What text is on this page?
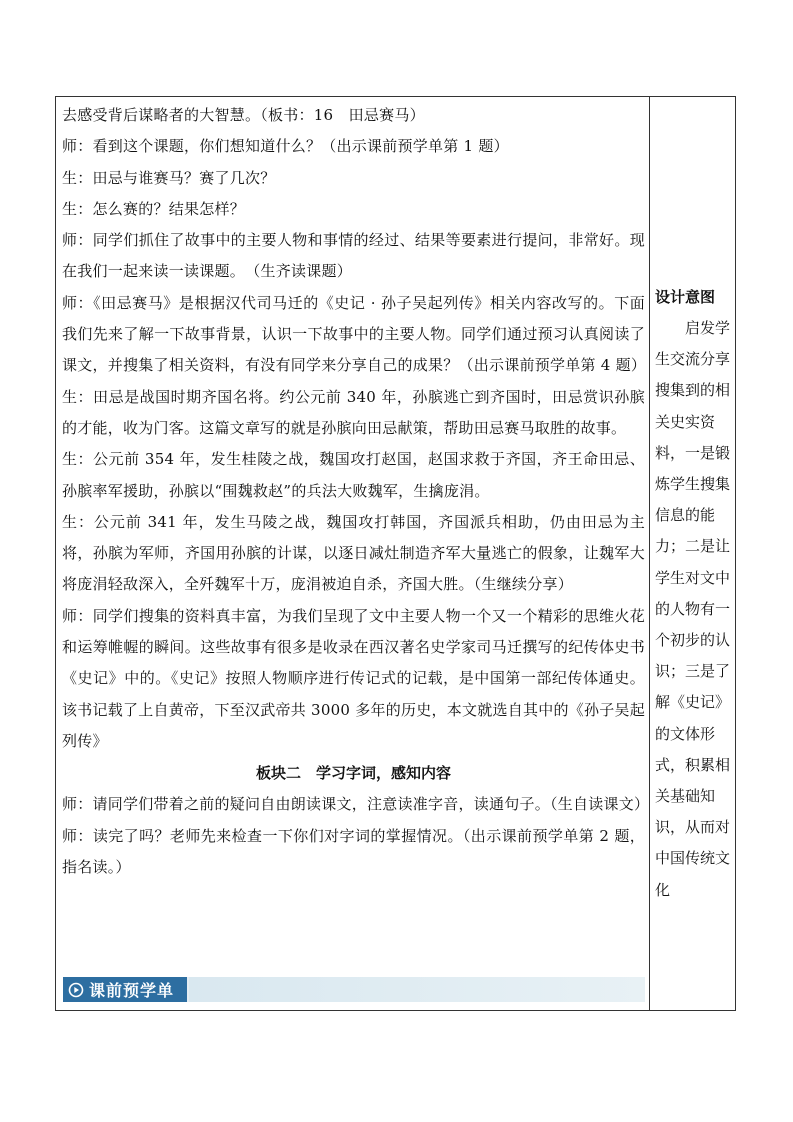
去感受背后谋略者的大智慧。（板书：16　田忌赛马）

师：看到这个课题，你们想知道什么？（出示课前预学单第 1 题）

生：田忌与谁赛马？赛了几次？

生：怎么赛的？结果怎样？

师：同学们抓住了故事中的主要人物和事情的经过、结果等要素进行提问，非常好。现在我们一起来读一读课题。　（生齐读课题）

师：《田忌赛马》是根据汉代司马迁的《史记 · 孙子吴起列传》相关内容改写的。下面我们先来了解一下故事背景，认识一下故事中的主要人物。同学们通过预习认真阅读了课文，并搜集了相关资料，有没有同学来分享自己的成果？（出示课前预学单第 4 题）

生：田忌是战国时期齐国名将。约公元前 340 年，孙膑逃亡到齐国时，田忌赏识孙膑的才能，收为门客。这篇文章写的就是孙膑向田忌献策，帮助田忌赛马取胜的故事。

生：公元前 354 年，发生桂陵之战，魏国攻打赵国，赵国求救于齐国，齐王命田忌、孙膑率军援助，孙膑以“围魏救赵”的兵法大败魏军，生擒庞涓。

生：公元前 341 年，发生马陵之战，魏国攻打韩国，齐国派兵相助，仍由田忌为主将，孙膑为军师，齐国用孙膑的计谋，以逐日减灶制造齐军大量逃亡的假象，让魏军大将庞涓轻敌深入，全歼魏军十万，庞涓被迫自杀，齐国大胜。（生继续分享）

师：同学们搜集的资料真丰富，为我们呈现了文中主要人物一个又一个精彩的思维火花和运筹帷幄的瞬间。这些故事有很多是收录在西汉著名史学家司马迁撰写的纪传体史书《史记》中的。《史记》按照人物顺序进行传记式的记载，是中国第一部纪传体通史。该书记载了上自黄帝，下至汉武帝共 3000 多年的历史，本文就选自其中的《孙子吴起列传》

板块二　学习字词，感知内容

师：请同学们带着之前的疑问自由朗读课文，注意读准字音，读通句子。（生自读课文）

师：读完了吗？老师先来检查一下你们对字词的掌握情况。（出示课前预学单第 2 题，指名读。）

课前预学单

设计意图

启发学生交流分享搜集到的相关史实资料，一是锻炼学生搜集信息的能力；二是让学生对文中的人物有一个初步的认识；三是了解《史记》的文体形式，积累相关基础知识，从而对中国传统文化
